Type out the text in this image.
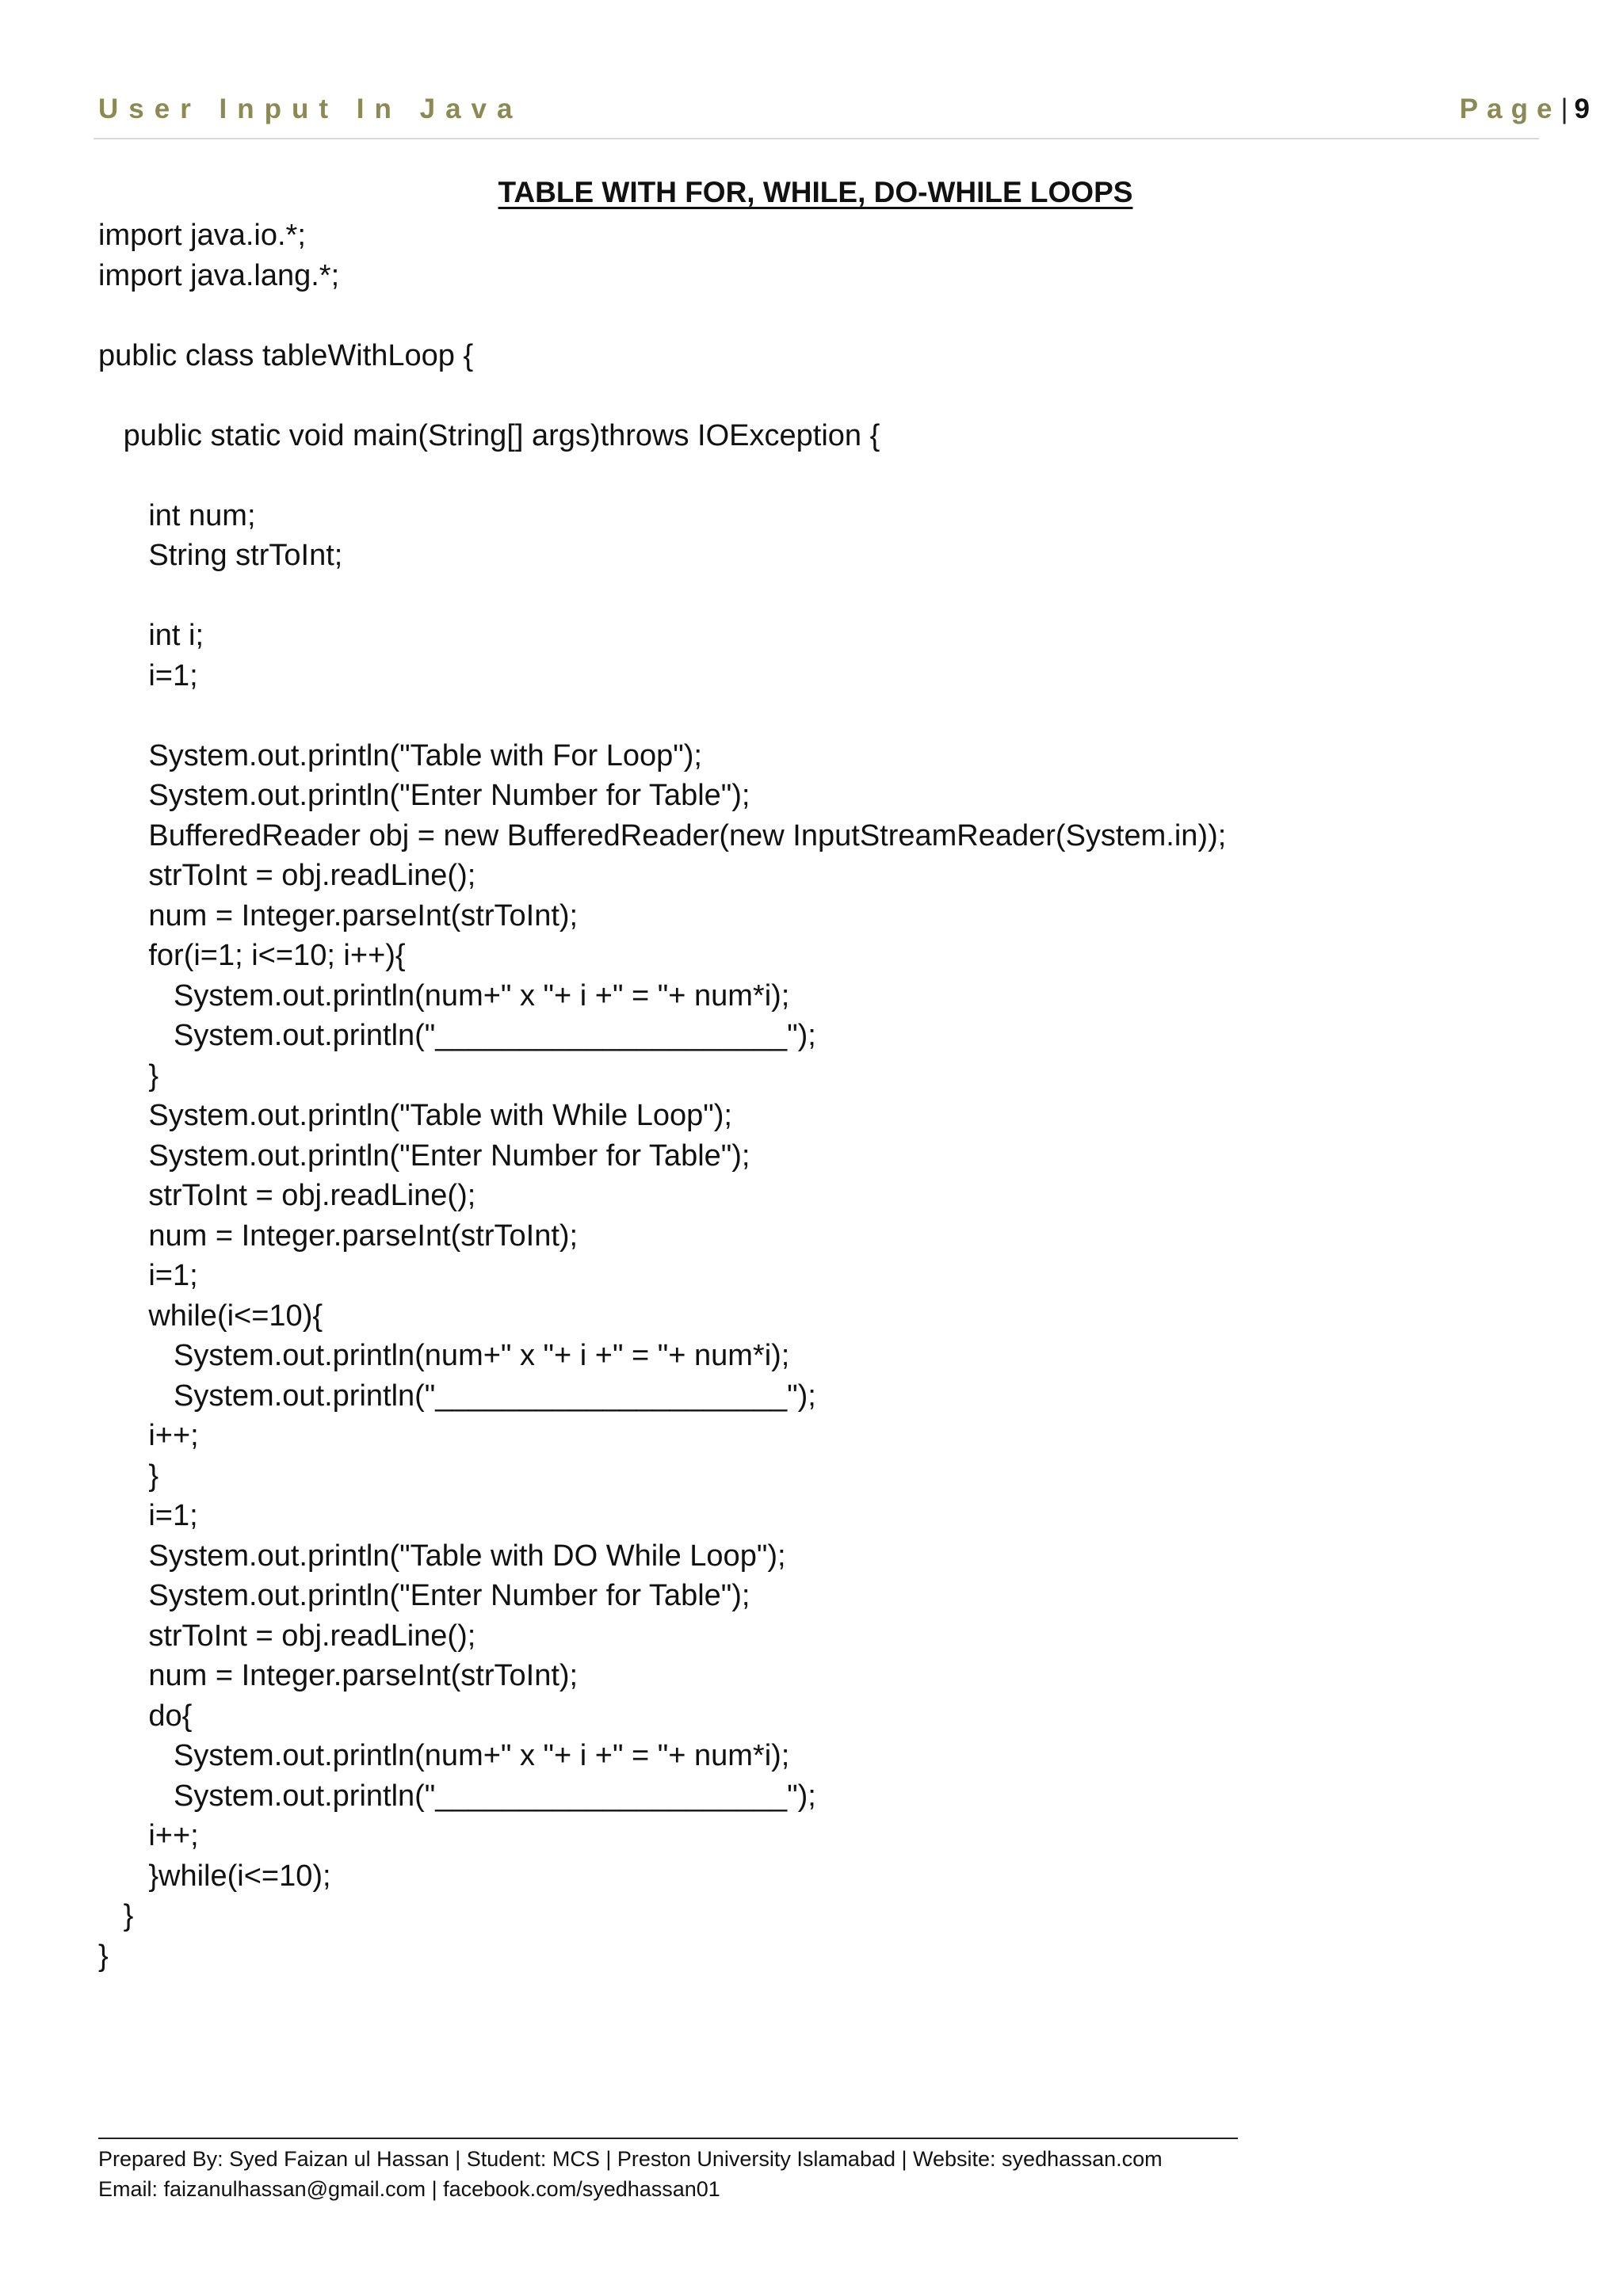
User Input In Java	Page| 9
TABLE WITH FOR, WHILE, DO-WHILE LOOPS
import java.io.*;
import java.lang.*;
public class tableWithLoop {
public static void main(String[] args)throws IOException {
int num;
String strToInt;
int i;
i=1;
System.out.println("Table with For Loop");
System.out.println("Enter Number for Table");
BufferedReader obj = new BufferedReader(new InputStreamReader(System.in));
strToInt = obj.readLine();
num = Integer.parseInt(strToInt);
for(i=1; i<=10; i++){
System.out.println(num+" x "+ i +" = "+ num*i);
System.out.println("_____________________");
}
System.out.println("Table with While Loop");
System.out.println("Enter Number for Table");
strToInt = obj.readLine();
num = Integer.parseInt(strToInt);
i=1;
while(i<=10){
System.out.println(num+" x "+ i +" = "+ num*i);
System.out.println("_____________________");
i++;
}
i=1;
System.out.println("Table with DO While Loop");
System.out.println("Enter Number for Table");
strToInt = obj.readLine();
num = Integer.parseInt(strToInt);
do{
System.out.println(num+" x "+ i +" = "+ num*i);
System.out.println("_____________________");
i++;
}while(i<=10);
}
}
Prepared By: Syed Faizan ul Hassan | Student: MCS | Preston University Islamabad | Website: syedhassan.com
Email: faizanulhassan@gmail.com | facebook.com/syedhassan01
